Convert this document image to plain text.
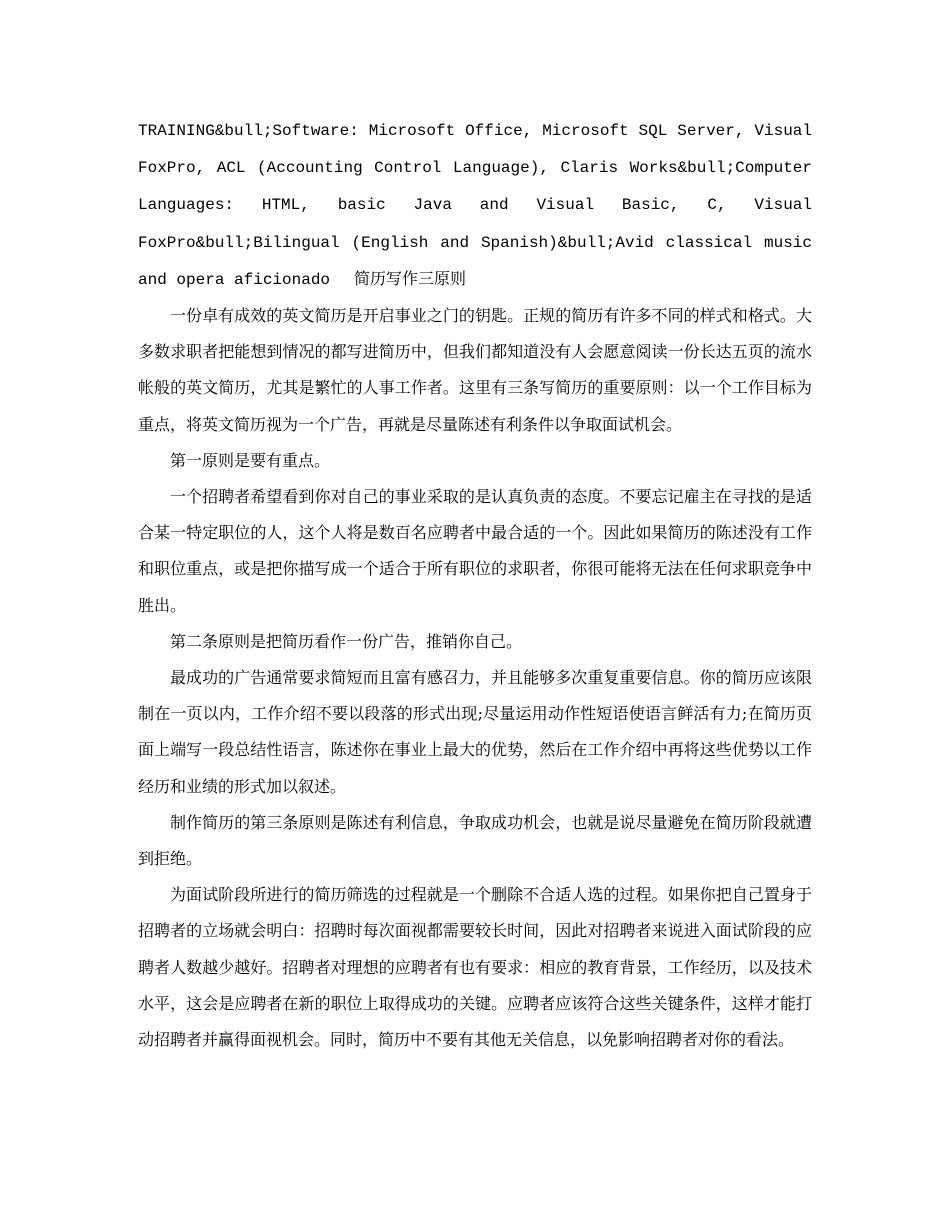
TRAINING&bull;Software: Microsoft Office, Microsoft SQL Server, Visual FoxPro, ACL (Accounting Control Language), Claris Works&bull;Computer Languages: HTML, basic Java and Visual Basic, C, Visual FoxPro&bull;Bilingual (English and Spanish)&bull;Avid classical music and opera aficionado 简历写作三原则

一份卓有成效的英文简历是开启事业之门的钥匙。正规的简历有许多不同的样式和格式。大多数求职者把能想到情况的都写进简历中，但我们都知道没有人会愿意阅读一份长达五页的流水帐般的英文简历，尤其是繁忙的人事工作者。这里有三条写简历的重要原则：以一个工作目标为重点，将英文简历视为一个广告，再就是尽量陈述有利条件以争取面试机会。

第一原则是要有重点。

一个招聘者希望看到你对自己的事业采取的是认真负责的态度。不要忘记雇主在寻找的是适合某一特定职位的人，这个人将是数百名应聘者中最合适的一个。因此如果简历的陈述没有工作和职位重点，或是把你描写成一个适合于所有职位的求职者，你很可能将无法在任何求职竞争中胜出。

第二条原则是把简历看作一份广告，推销你自己。

最成功的广告通常要求简短而且富有感召力，并且能够多次重复重要信息。你的简历应该限制在一页以内，工作介绍不要以段落的形式出现;尽量运用动作性短语使语言鲜活有力;在简历页面上端写一段总结性语言，陈述你在事业上最大的优势，然后在工作介绍中再将这些优势以工作经历和业绩的形式加以叙述。

制作简历的第三条原则是陈述有利信息，争取成功机会，也就是说尽量避免在简历阶段就遭到拒绝。

为面试阶段所进行的简历筛选的过程就是一个删除不合适人选的过程。如果你把自己置身于招聘者的立场就会明白：招聘时每次面视都需要较长时间，因此对招聘者来说进入面试阶段的应聘者人数越少越好。招聘者对理想的应聘者有也有要求：相应的教育背景，工作经历，以及技术水平，这会是应聘者在新的职位上取得成功的关键。应聘者应该符合这些关键条件，这样才能打动招聘者并赢得面视机会。同时，简历中不要有其他无关信息，以免影响招聘者对你的看法。
